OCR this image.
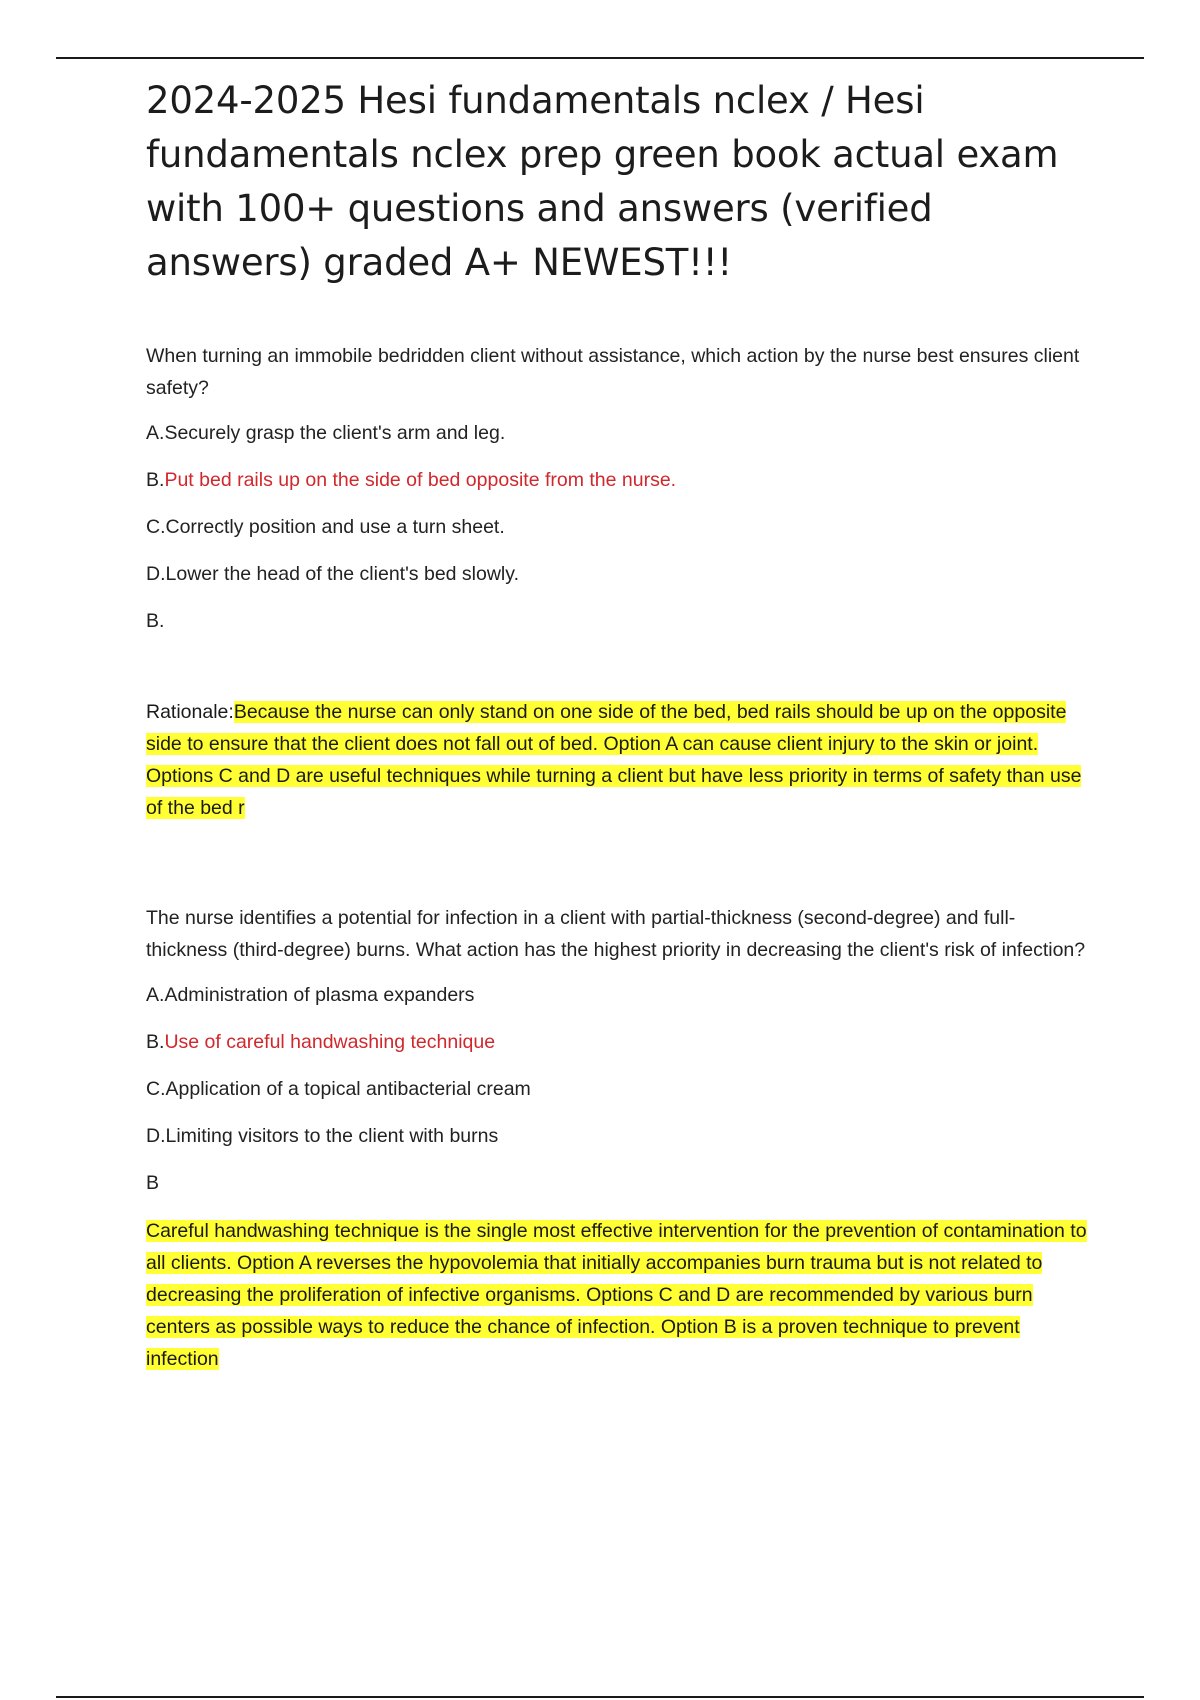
2024-2025 Hesi fundamentals nclex / Hesi fundamentals nclex prep green book actual exam with 100+ questions and answers (verified answers) graded A+ NEWEST!!!

When turning an immobile bedridden client without assistance, which action by the nurse best ensures client safety?

A.Securely grasp the client's arm and leg.

B.Put bed rails up on the side of bed opposite from the nurse.

C.Correctly position and use a turn sheet.

D.Lower the head of the client's bed slowly.

B.

Rationale:Because the nurse can only stand on one side of the bed, bed rails should be up on the opposite side to ensure that the client does not fall out of bed. Option A can cause client injury to the skin or joint. Options C and D are useful techniques while turning a client but have less priority in terms of safety than use of the bed r

The nurse identifies a potential for infection in a client with partial-thickness (second-degree) and full-thickness (third-degree) burns. What action has the highest priority in decreasing the client's risk of infection?

A.Administration of plasma expanders

B.Use of careful handwashing technique

C.Application of a topical antibacterial cream

D.Limiting visitors to the client with burns

B

Careful handwashing technique is the single most effective intervention for the prevention of contamination to all clients. Option A reverses the hypovolemia that initially accompanies burn trauma but is not related to decreasing the proliferation of infective organisms. Options C and D are recommended by various burn centers as possible ways to reduce the chance of infection. Option B is a proven technique to prevent infection
